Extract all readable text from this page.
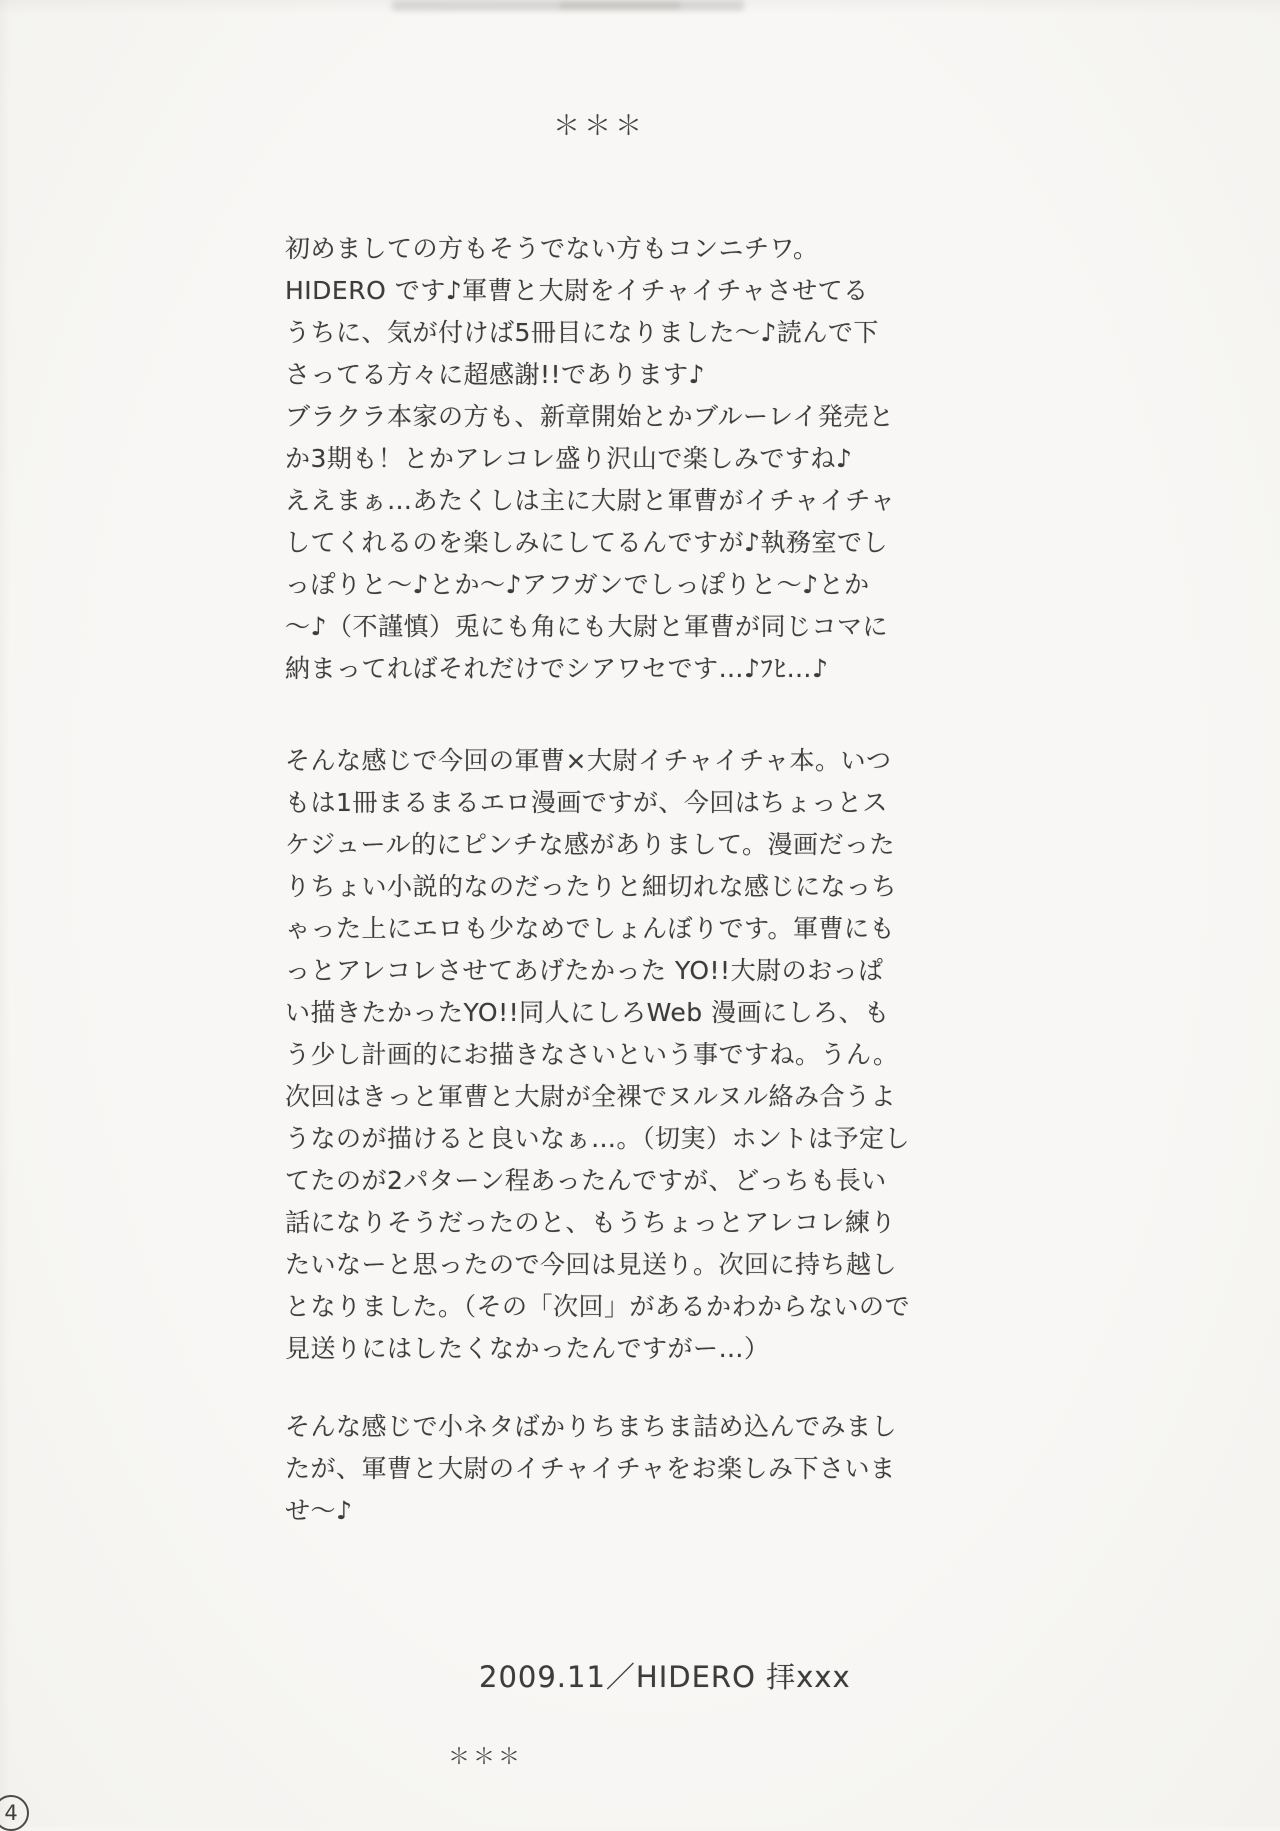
＊＊＊
初めましての方もそうでない方もコンニチワ。
HIDERO です♪軍曹と大尉をイチャイチャさせてる
うちに、気が付けば5冊目になりました～♪読んで下
さってる方々に超感謝!!であります♪
ブラクラ本家の方も、新章開始とかブルーレイ発売と
か3期も！とかアレコレ盛り沢山で楽しみですね♪
ええまぁ…あたくしは主に大尉と軍曹がイチャイチャ
してくれるのを楽しみにしてるんですが♪執務室でし
っぽりと～♪とか～♪アフガンでしっぽりと～♪とか
～♪（不謹慎）兎にも角にも大尉と軍曹が同じコマに
納まってればそれだけでシアワセです…♪ﾌﾋ…♪
そんな感じで今回の軍曹×大尉イチャイチャ本。いつ
もは1冊まるまるエロ漫画ですが、今回はちょっとス
ケジュール的にピンチな感がありまして。漫画だった
りちょい小説的なのだったりと細切れな感じになっち
ゃった上にエロも少なめでしょんぼりです。軍曹にも
っとアレコレさせてあげたかった YO!!大尉のおっぱ
い描きたかったYO!!同人にしろWeb 漫画にしろ、も
う少し計画的にお描きなさいという事ですね。うん。
次回はきっと軍曹と大尉が全裸でヌルヌル絡み合うよ
うなのが描けると良いなぁ…。（切実）ホントは予定し
てたのが2パターン程あったんですが、どっちも長い
話になりそうだったのと、もうちょっとアレコレ練り
たいなーと思ったので今回は見送り。次回に持ち越し
となりました。（その「次回」があるかわからないので
見送りにはしたくなかったんですがー…）
そんな感じで小ネタばかりちまちま詰め込んでみまし
たが、軍曹と大尉のイチャイチャをお楽しみ下さいま
せ～♪
2009.11／HIDERO 拝xxx
＊＊＊
4
